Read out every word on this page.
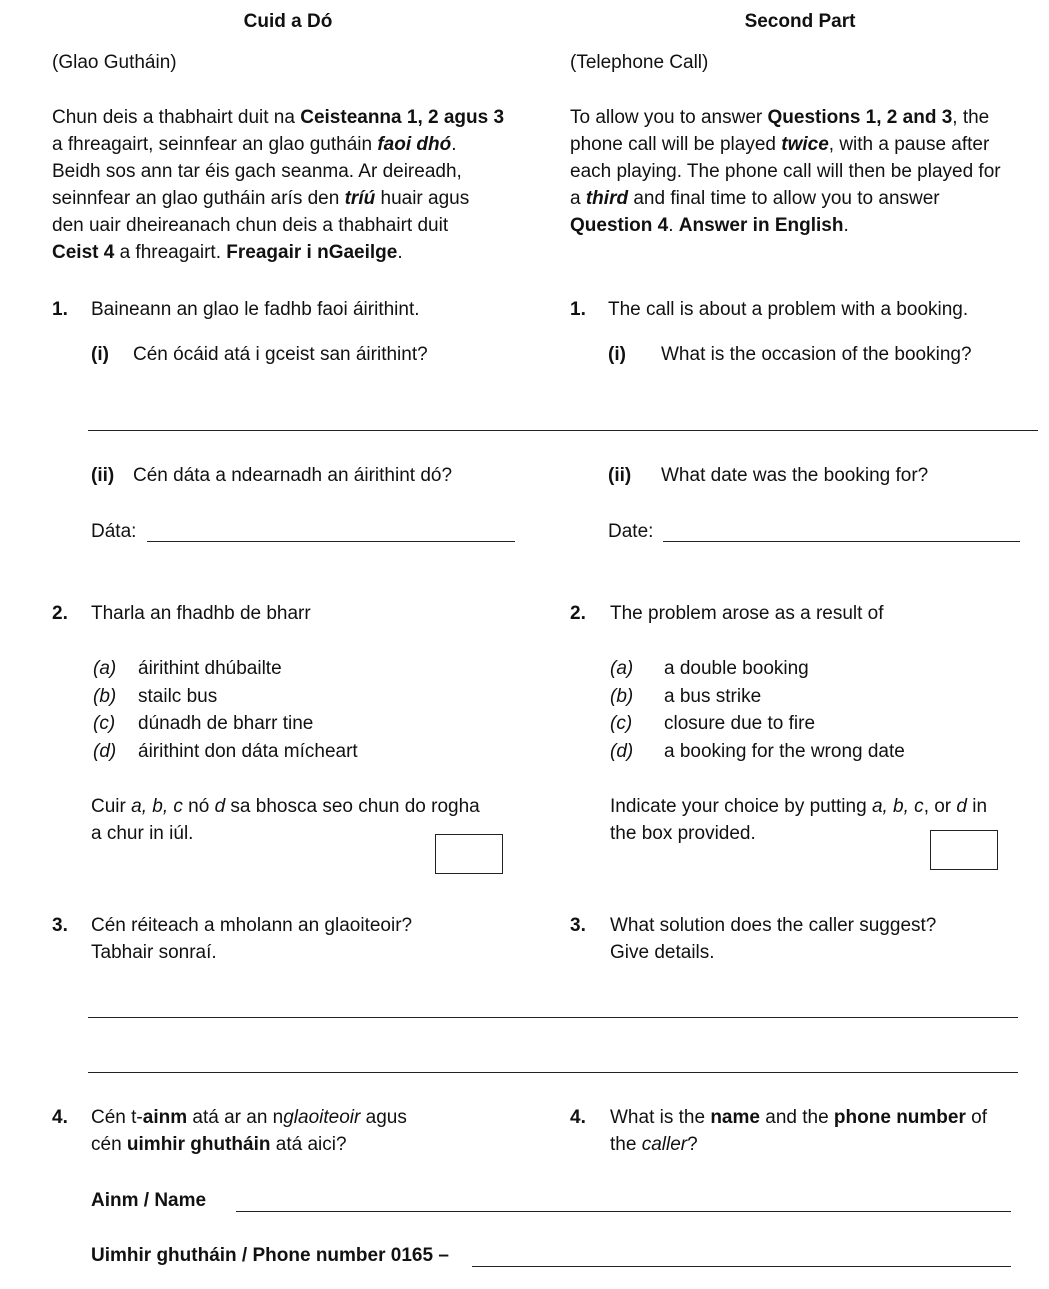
Cuid a Dó	Second Part
(Glao Gutháin)	(Telephone Call)
Chun deis a thabhairt duit na Ceisteanna 1, 2 agus 3
a fhreagairt, seinnfear an glao gutháin faoi dhó.
Beidh sos ann tar éis gach seanma. Ar deireadh,
seinnfear an glao gutháin arís den tríú huair agus
den uair dheireanach chun deis a thabhairt duit
Ceist 4 a fhreagairt. Freagair i nGaeilge.
To allow you to answer Questions 1, 2 and 3, the
phone call will be played twice, with a pause after
each playing. The phone call will then be played for
a third and final time to allow you to answer
Question 4. Answer in English.
1. Baineann an glao le fadhb faoi áirithint.	1. The call is about a problem with a booking.
(i) Cén ócáid atá i gceist san áirithint?	(i) What is the occasion of the booking?
(ii) Cén dáta a ndearnadh an áirithint dó?	(ii) What date was the booking for?
Dáta:	Date:
2. Tharla an fhadhb de bharr	2. The problem arose as a result of
(a) áirithint dhúbailte
(b) stailc bus
(c) dúnadh de bharr tine
(d) áirithint don dáta mícheart
(a) a double booking
(b) a bus strike
(c) closure due to fire
(d) a booking for the wrong date
Cuir a, b, c nó d sa bhosca seo chun do rogha
a chur in iúl.
Indicate your choice by putting a, b, c, or d in
the box provided.
3. Cén réiteach a mholann an glaoiteoir?
Tabhair sonraí.
3. What solution does the caller suggest?
Give details.
4. Cén t-ainm atá ar an nglaoiteoir agus
cén uimhir ghutháin atá aici?
4. What is the name and the phone number of
the caller?
Ainm / Name
Uimhir ghutháin / Phone number 0165 –
